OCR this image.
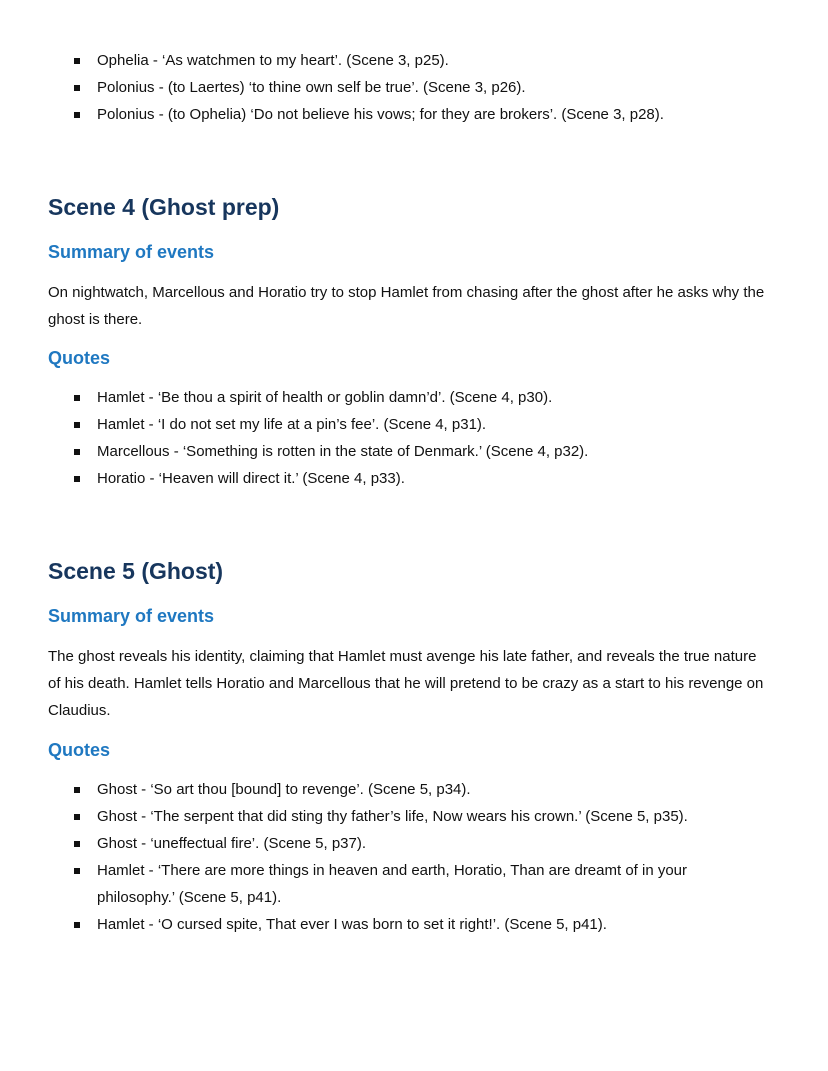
Ophelia - ‘As watchmen to my heart’. (Scene 3, p25).
Polonius - (to Laertes) ‘to thine own self be true’. (Scene 3, p26).
Polonius - (to Ophelia) ‘Do not believe his vows; for they are brokers’. (Scene 3, p28).
Scene 4 (Ghost prep)
Summary of events

On nightwatch, Marcellous and Horatio try to stop Hamlet from chasing after the ghost after he asks why the ghost is there.

Quotes
Hamlet - ‘Be thou a spirit of health or goblin damn’d’. (Scene 4, p30).
Hamlet - ‘I do not set my life at a pin’s fee’. (Scene 4, p31).
Marcellous - ‘Something is rotten in the state of Denmark.’ (Scene 4, p32).
Horatio - ‘Heaven will direct it.’ (Scene 4, p33).
Scene 5 (Ghost)
Summary of events

The ghost reveals his identity, claiming that Hamlet must avenge his late father, and reveals the true nature of his death. Hamlet tells Horatio and Marcellous that he will pretend to be crazy as a start to his revenge on Claudius.

Quotes
Ghost - ‘So art thou [bound] to revenge’. (Scene 5, p34).
Ghost - ‘The serpent that did sting thy father’s life, Now wears his crown.’ (Scene 5, p35).
Ghost - ‘uneffectual fire’. (Scene 5, p37).
Hamlet - ‘There are more things in heaven and earth, Horatio, Than are dreamt of in your philosophy.’ (Scene 5, p41).
Hamlet - ‘O cursed spite, That ever I was born to set it right!’. (Scene 5, p41).
